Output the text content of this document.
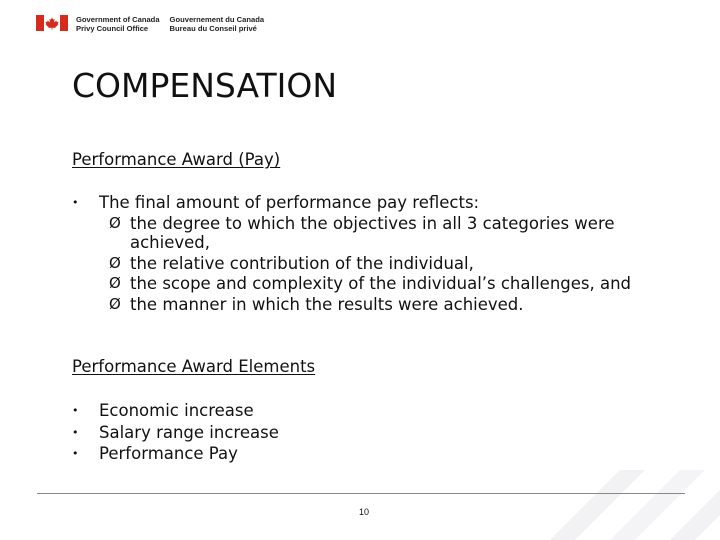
Government of Canada
Privy Council Office
Gouvernement du Canada
Bureau du Conseil privé
COMPENSATION
Performance Award (Pay)
• The final amount of performance pay reflects:
Ø the degree to which the objectives in all 3 categories were achieved,
Ø the relative contribution of the individual,
Ø the scope and complexity of the individual’s challenges, and
Ø the manner in which the results were achieved.
Performance Award Elements
• Economic increase
• Salary range increase
• Performance Pay
10
